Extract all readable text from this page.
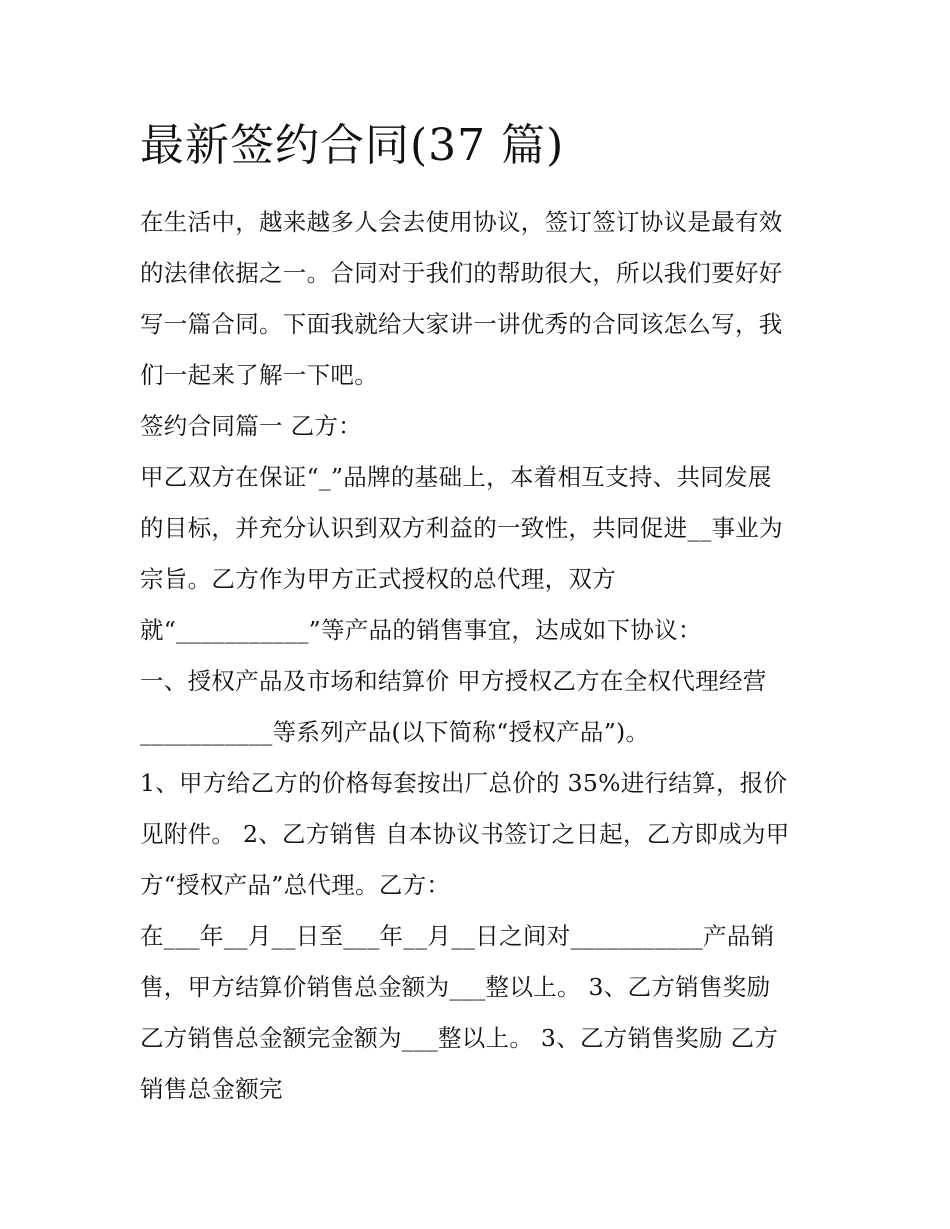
最新签约合同(37 篇)
在生活中，越来越多人会去使用协议，签订签订协议是最有效
的法律依据之一。合同对于我们的帮助很大，所以我们要好好
写一篇合同。下面我就给大家讲一讲优秀的合同该怎么写，我
们一起来了解一下吧。
签约合同篇一 乙方：
甲乙双方在保证“_”品牌的基础上，本着相互支持、共同发展
的目标，并充分认识到双方利益的一致性，共同促进__事业为
宗旨。乙方作为甲方正式授权的总代理，双方
就“___________”等产品的销售事宜，达成如下协议：
一、授权产品及市场和结算价 甲方授权乙方在全权代理经营
___________等系列产品(以下简称“授权产品”)。
1、甲方给乙方的价格每套按出厂总价的 35%进行结算，报价
见附件。 2、乙方销售 自本协议书签订之日起，乙方即成为甲
方“授权产品”总代理。乙方：
在___年__月__日至___年__月__日之间对___________产品销
售，甲方结算价销售总金额为___整以上。 3、乙方销售奖励
乙方销售总金额完金额为___整以上。 3、乙方销售奖励 乙方
销售总金额完
